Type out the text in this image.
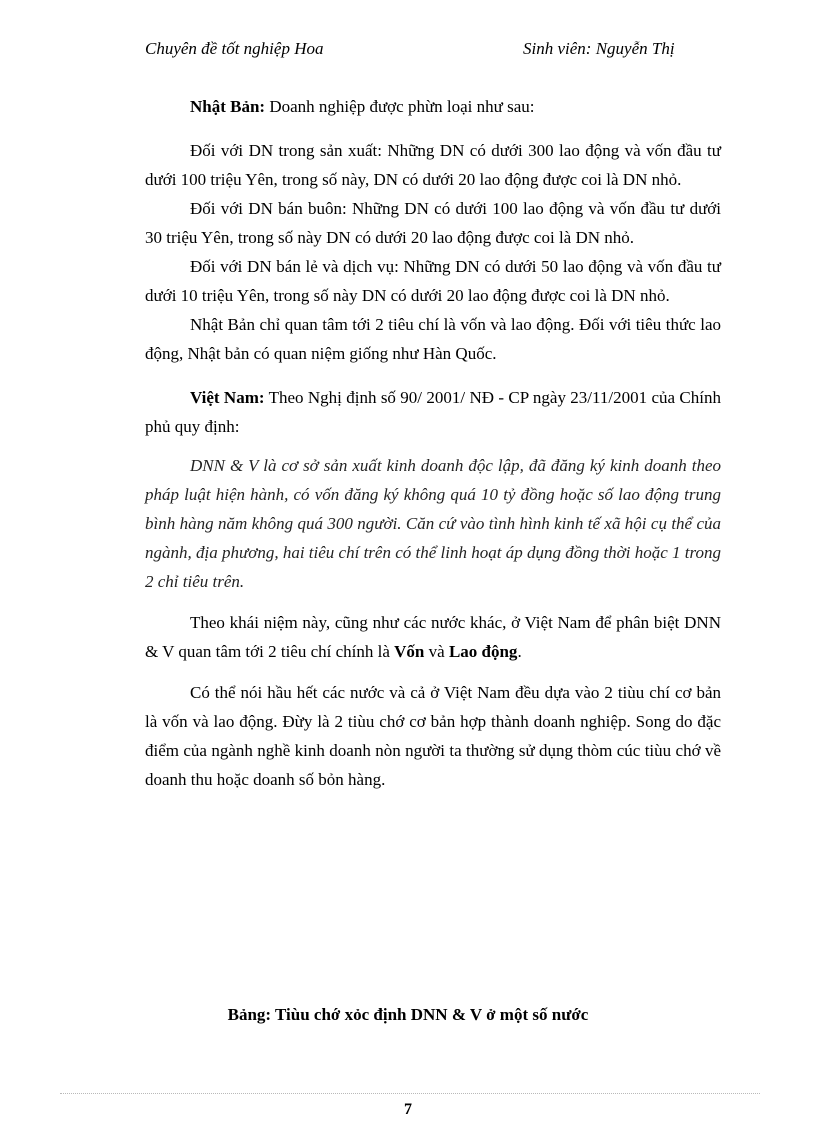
Chuyên đề tốt nghiệp Hoa	Sinh viên: Nguyễn Thị

Nhật Bản: Doanh nghiệp được phừn loại như sau:

Đối với DN trong sản xuất: Những DN có dưới 300 lao động và vốn đầu tư dưới 100 triệu Yên, trong số này, DN có dưới 20 lao động được coi là DN nhỏ.

Đối với DN bán buôn: Những DN có dưới 100 lao động và vốn đầu tư dưới 30 triệu Yên, trong số này DN có dưới 20 lao động được coi là DN nhỏ.

Đối với DN bán lẻ và dịch vụ: Những DN có dưới 50 lao động và vốn đầu tư dưới 10 triệu Yên, trong số này DN có dưới 20 lao động được coi là DN nhỏ.

Nhật Bản chỉ quan tâm tới 2 tiêu chí là vốn và lao động. Đối với tiêu thức lao động, Nhật bản có quan niệm giống như Hàn Quốc.

Việt Nam: Theo Nghị định số 90/ 2001/ NĐ - CP ngày 23/11/2001 của Chính phủ quy định:

DNN & V là cơ sở sản xuất kinh doanh độc lập, đã đăng ký kinh doanh theo pháp luật hiện hành, có vốn đăng ký không quá 10 tỷ đồng hoặc số lao động trung bình hàng năm không quá 300 người. Căn cứ vào tình hình kinh tế xã hội cụ thể của ngành, địa phương, hai tiêu chí trên có thể linh hoạt áp dụng đồng thời hoặc 1 trong 2 chỉ tiêu trên.

Theo khái niệm này, cũng như các nước khác, ở Việt Nam để phân biệt DNN & V quan tâm tới 2 tiêu chí chính là Vốn và Lao động.

Có thể nói hầu hết các nước và cả ở Việt Nam đều dựa vào 2 tiùu chí cơ bản là vốn và lao động. Đừy là 2 tiùu chớ cơ bản hợp thành doanh nghiệp. Song do đặc điểm của ngành nghề kinh doanh nòn người ta thường sử dụng thòm cúc tiùu chớ về doanh thu hoặc doanh số bỏn hàng.

Bảng: Tiùu chớ xỏc định DNN & V ở một số nước
7
